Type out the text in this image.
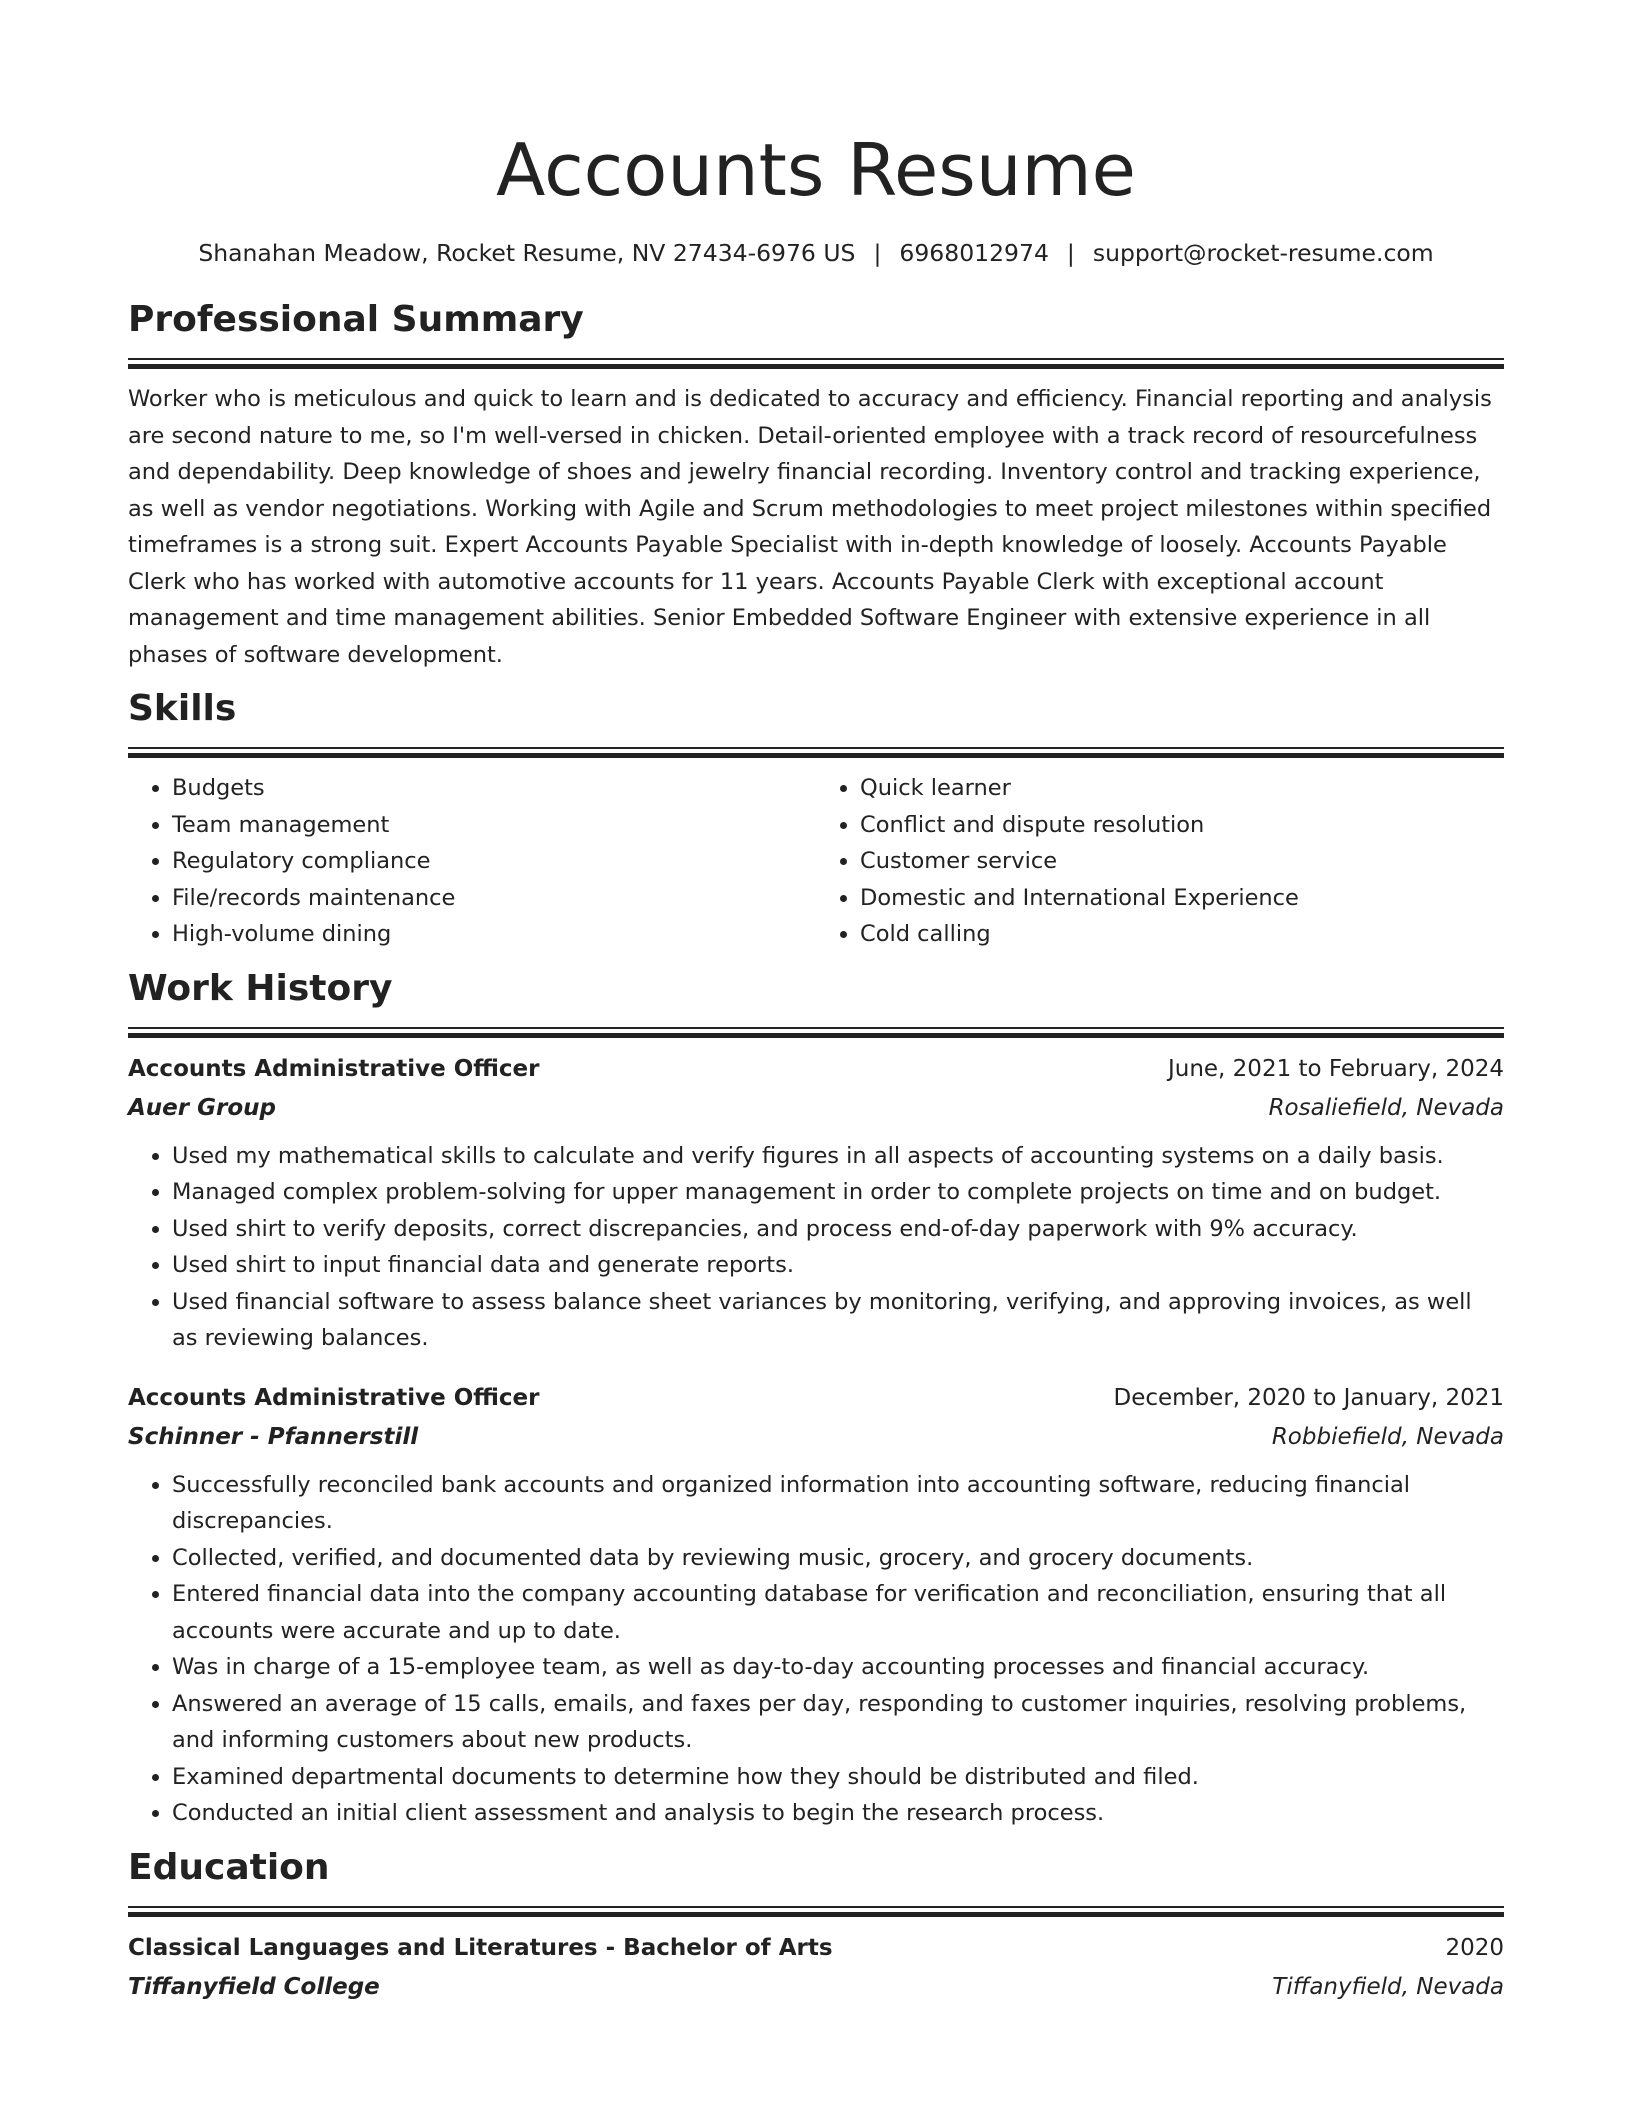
Accounts Resume
Shanahan Meadow, Rocket Resume, NV 27434-6976 US | 6968012974 | support@rocket-resume.com
Professional Summary

Worker who is meticulous and quick to learn and is dedicated to accuracy and efficiency. Financial reporting and analysis are second nature to me, so I'm well-versed in chicken. Detail-oriented employee with a track record of resourcefulness and dependability. Deep knowledge of shoes and jewelry financial recording. Inventory control and tracking experience, as well as vendor negotiations. Working with Agile and Scrum methodologies to meet project milestones within specified timeframes is a strong suit. Expert Accounts Payable Specialist with in-depth knowledge of loosely. Accounts Payable Clerk who has worked with automotive accounts for 11 years. Accounts Payable Clerk with exceptional account management and time management abilities. Senior Embedded Software Engineer with extensive experience in all phases of software development.

Skills
• Budgets
• Team management
• Regulatory compliance
• File/records maintenance
• High-volume dining
• Quick learner
• Conflict and dispute resolution
• Customer service
• Domestic and International Experience
• Cold calling
Work History
Accounts Administrative Officer	June, 2021 to February, 2024
Auer Group	Rosaliefield, Nevada
• Used my mathematical skills to calculate and verify figures in all aspects of accounting systems on a daily basis.
• Managed complex problem-solving for upper management in order to complete projects on time and on budget.
• Used shirt to verify deposits, correct discrepancies, and process end-of-day paperwork with 9% accuracy.
• Used shirt to input financial data and generate reports.
• Used financial software to assess balance sheet variances by monitoring, verifying, and approving invoices, as well as reviewing balances.
Accounts Administrative Officer	December, 2020 to January, 2021
Schinner - Pfannerstill	Robbiefield, Nevada
• Successfully reconciled bank accounts and organized information into accounting software, reducing financial discrepancies.
• Collected, verified, and documented data by reviewing music, grocery, and grocery documents.
• Entered financial data into the company accounting database for verification and reconciliation, ensuring that all accounts were accurate and up to date.
• Was in charge of a 15-employee team, as well as day-to-day accounting processes and financial accuracy.
• Answered an average of 15 calls, emails, and faxes per day, responding to customer inquiries, resolving problems, and informing customers about new products.
• Examined departmental documents to determine how they should be distributed and filed.
• Conducted an initial client assessment and analysis to begin the research process.
Education
Classical Languages and Literatures - Bachelor of Arts	2020
Tiffanyfield College	Tiffanyfield, Nevada
